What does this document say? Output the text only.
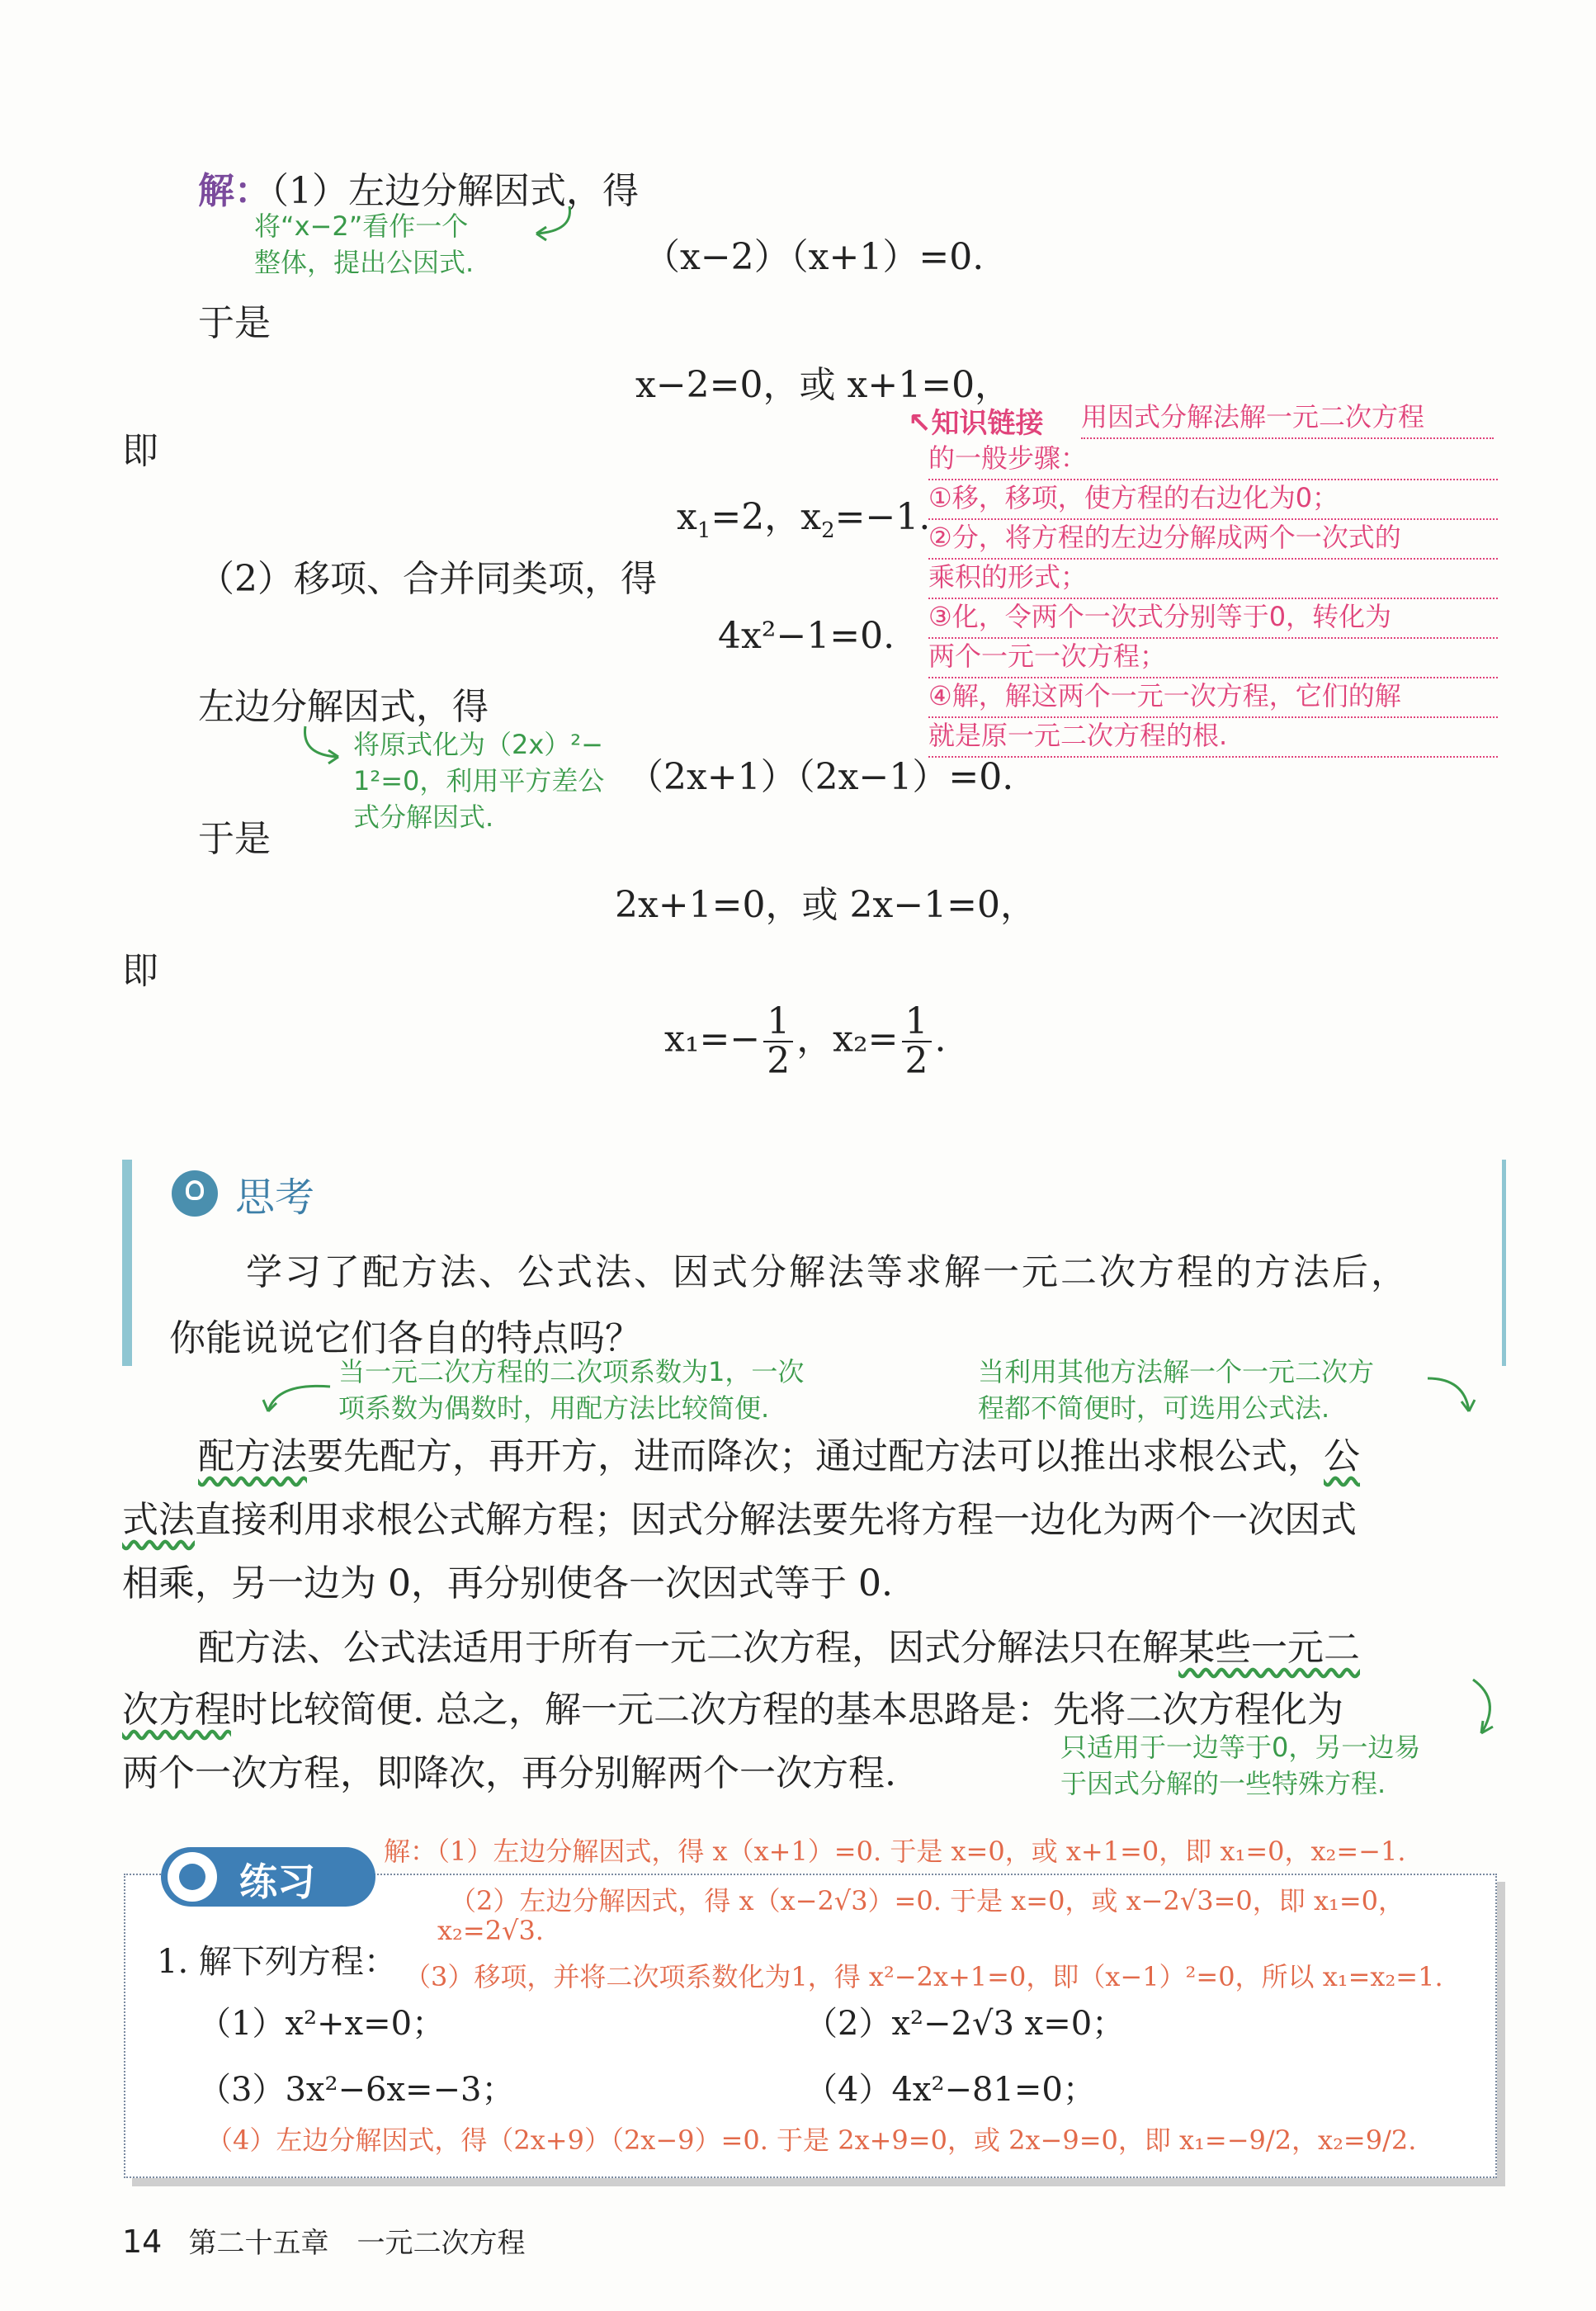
解：（1）左边分解因式，得
将“x−2”看作一个
整体，提出公因式.	（x−2）（x+1）=0.
于是
x−2=0，或 x+1=0，
即
$x_1=2$，$x_2=-1$.
（2）移项、合并同类项，得
4x²−1=0.
左边分解因式，得
将原式化为（2x）²−
1²=0，利用平方差公
式分解因式.
（2x+1）（2x−1）=0.
于是
2x+1=0，或 2x−1=0，
即
$x_1=- \frac{1}{2}$ ，$x_2= \frac{1}{2}$ .
↖知识链接 用因式分解法解一元二次方程
的一般步骤：
①移，移项，使方程的右边化为0；
②分，将方程的左边分解成两个一次式的
乘积的形式；
③化，令两个一次式分别等于0，转化为
两个一元一次方程；
④解，解这两个一元一次方程，它们的解
就是原一元二次方程的根.
思考
学习了配方法、公式法、因式分解法等求解一元二次方程的方法后，
你能说说它们各自的特点吗？
当一元二次方程的二次项系数为1，一次
项系数为偶数时，用配方法比较简便.
当利用其他方法解一个一元二次方
程都不简便时，可选用公式法.
配方法要先配方，再开方，进而降次；通过配方法可以推出求根公式，公
式法直接利用求根公式解方程；因式分解法要先将方程一边化为两个一次因式
相乘，另一边为 0，再分别使各一次因式等于 0.
配方法、公式法适用于所有一元二次方程，因式分解法只在解某些一元二
次方程时比较简便. 总之，解一元二次方程的基本思路是：先将二次方程化为
两个一次方程，即降次，再分别解两个一次方程.
只适用于一边等于0，另一边易
于因式分解的一些特殊方程.
练习
解：（1）左边分解因式，得 x（x+1）=0. 于是 x=0，或 x+1=0，即 x₁=0，x₂=−1.
（2）左边分解因式，得 x（x−2√3）=0. 于是 x=0，或 x−2√3=0，即 x₁=0，
x₂=2√3.
1. 解下列方程： （3）移项，并将二次项系数化为1，得 x²−2x+1=0，即（x−1）²=0，所以 x₁=x₂=1.
（1）x²+x=0；	（2）x²−2√3 x=0；
（3）3x²−6x=−3；	（4）4x²−81=0；
（4）左边分解因式，得（2x+9）（2x−9）=0. 于是 2x+9=0，或 2x−9=0，即 x₁=−9/2，x₂=9/2.
14 第二十五章　一元二次方程
